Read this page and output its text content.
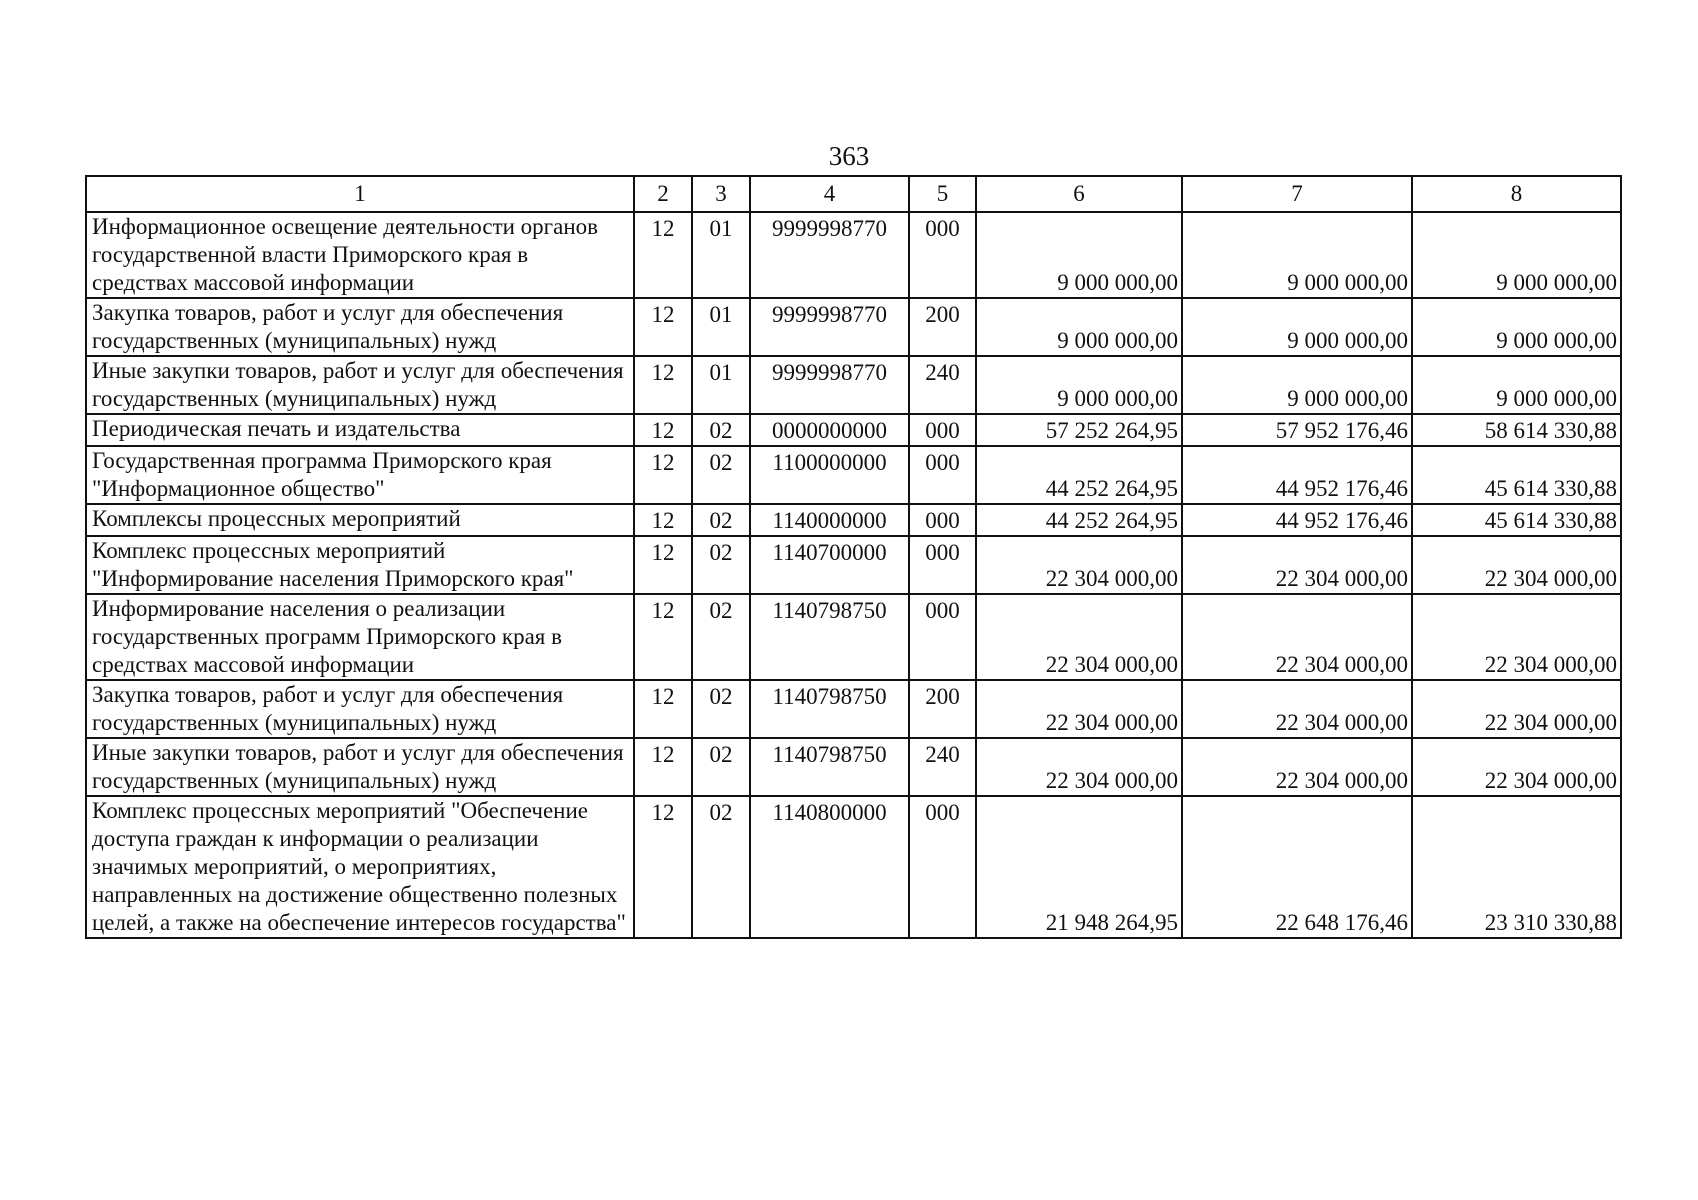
363
1	2	3	4	5	6	7	8
Информационное освещение деятельности органов государственной власти Приморского края в средствах массовой информации	12	01	9999998770	000	9 000 000,00	9 000 000,00	9 000 000,00
Закупка товаров, работ и услуг для обеспечения государственных (муниципальных) нужд	12	01	9999998770	200	9 000 000,00	9 000 000,00	9 000 000,00
Иные закупки товаров, работ и услуг для обеспечения государственных (муниципальных) нужд	12	01	9999998770	240	9 000 000,00	9 000 000,00	9 000 000,00
Периодическая печать и издательства	12	02	0000000000	000	57 252 264,95	57 952 176,46	58 614 330,88
Государственная программа Приморского края "Информационное общество"	12	02	1100000000	000	44 252 264,95	44 952 176,46	45 614 330,88
Комплексы процессных мероприятий	12	02	1140000000	000	44 252 264,95	44 952 176,46	45 614 330,88
Комплекс процессных мероприятий "Информирование населения Приморского края"	12	02	1140700000	000	22 304 000,00	22 304 000,00	22 304 000,00
Информирование населения о реализации государственных программ Приморского края в средствах массовой информации	12	02	1140798750	000	22 304 000,00	22 304 000,00	22 304 000,00
Закупка товаров, работ и услуг для обеспечения государственных (муниципальных) нужд	12	02	1140798750	200	22 304 000,00	22 304 000,00	22 304 000,00
Иные закупки товаров, работ и услуг для обеспечения государственных (муниципальных) нужд	12	02	1140798750	240	22 304 000,00	22 304 000,00	22 304 000,00
Комплекс процессных мероприятий "Обеспечение доступа граждан к информации о реализации значимых мероприятий, о мероприятиях, направленных на достижение общественно полезных целей, а также на обеспечение интересов государства"	12	02	1140800000	000	21 948 264,95	22 648 176,46	23 310 330,88
